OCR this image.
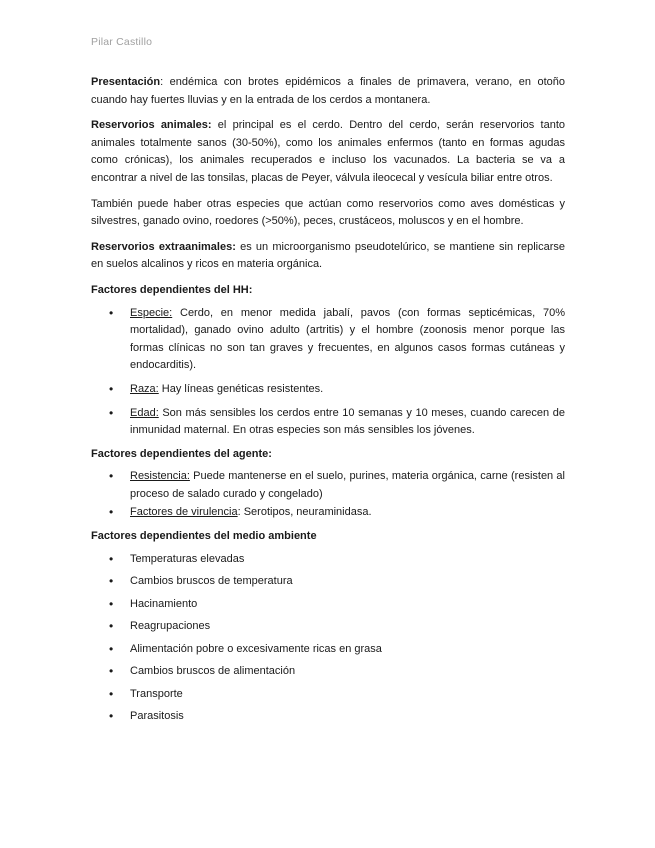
Pilar Castillo

Presentación: endémica con brotes epidémicos a finales de primavera, verano, en otoño cuando hay fuertes lluvias y en la entrada de los cerdos a montanera.

Reservorios animales: el principal es el cerdo. Dentro del cerdo, serán reservorios tanto animales totalmente sanos (30-50%), como los animales enfermos (tanto en formas agudas como crónicas), los animales recuperados e incluso los vacunados. La bacteria se va a encontrar a nivel de las tonsilas, placas de Peyer, válvula ileocecal y vesícula biliar entre otros.

También puede haber otras especies que actúan como reservorios como aves domésticas y silvestres, ganado ovino, roedores (>50%), peces, crustáceos, moluscos y en el hombre.

Reservorios extraanimales: es un microorganismo pseudotelúrico, se mantiene sin replicarse en suelos alcalinos y ricos en materia orgánica.

Factores dependientes del HH:
• Especie: Cerdo, en menor medida jabalí, pavos (con formas septicémicas, 70% mortalidad), ganado ovino adulto (artritis) y el hombre (zoonosis menor porque las formas clínicas no son tan graves y frecuentes, en algunos casos formas cutáneas y endocarditis).
• Raza: Hay líneas genéticas resistentes.
• Edad: Son más sensibles los cerdos entre 10 semanas y 10 meses, cuando carecen de inmunidad maternal. En otras especies son más sensibles los jóvenes.
Factores dependientes del agente:
• Resistencia: Puede mantenerse en el suelo, purines, materia orgánica, carne (resisten al proceso de salado curado y congelado)
• Factores de virulencia: Serotipos, neuraminidasa.
Factores dependientes del medio ambiente
• Temperaturas elevadas
• Cambios bruscos de temperatura
• Hacinamiento
• Reagrupaciones
• Alimentación pobre o excesivamente ricas en grasa
• Cambios bruscos de alimentación
• Transporte
• Parasitosis
